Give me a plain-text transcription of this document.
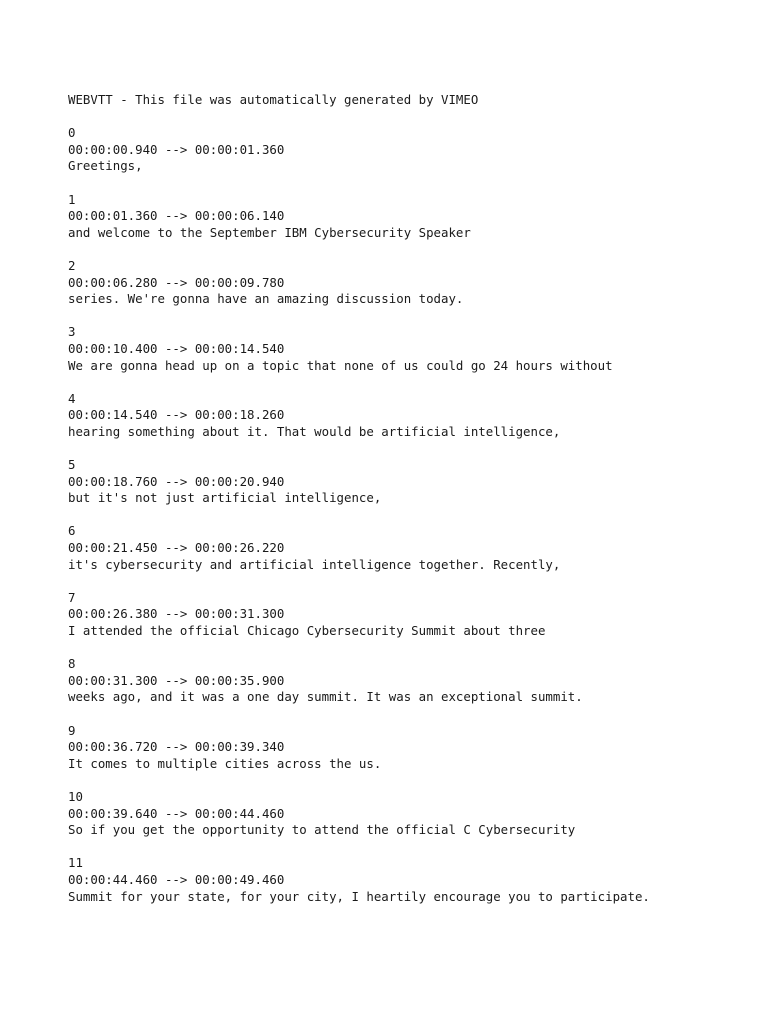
WEBVTT - This file was automatically generated by VIMEO
0
00:00:00.940 --> 00:00:01.360
Greetings,
1
00:00:01.360 --> 00:00:06.140
and welcome to the September IBM Cybersecurity Speaker
2
00:00:06.280 --> 00:00:09.780
series. We're gonna have an amazing discussion today.
3
00:00:10.400 --> 00:00:14.540
We are gonna head up on a topic that none of us could go 24 hours without
4
00:00:14.540 --> 00:00:18.260
hearing something about it. That would be artificial intelligence,
5
00:00:18.760 --> 00:00:20.940
but it's not just artificial intelligence,
6
00:00:21.450 --> 00:00:26.220
it's cybersecurity and artificial intelligence together. Recently,
7
00:00:26.380 --> 00:00:31.300
I attended the official Chicago Cybersecurity Summit about three
8
00:00:31.300 --> 00:00:35.900
weeks ago, and it was a one day summit. It was an exceptional summit.
9
00:00:36.720 --> 00:00:39.340
It comes to multiple cities across the us.
10
00:00:39.640 --> 00:00:44.460
So if you get the opportunity to attend the official C Cybersecurity
11
00:00:44.460 --> 00:00:49.460
Summit for your state, for your city, I heartily encourage you to participate.
